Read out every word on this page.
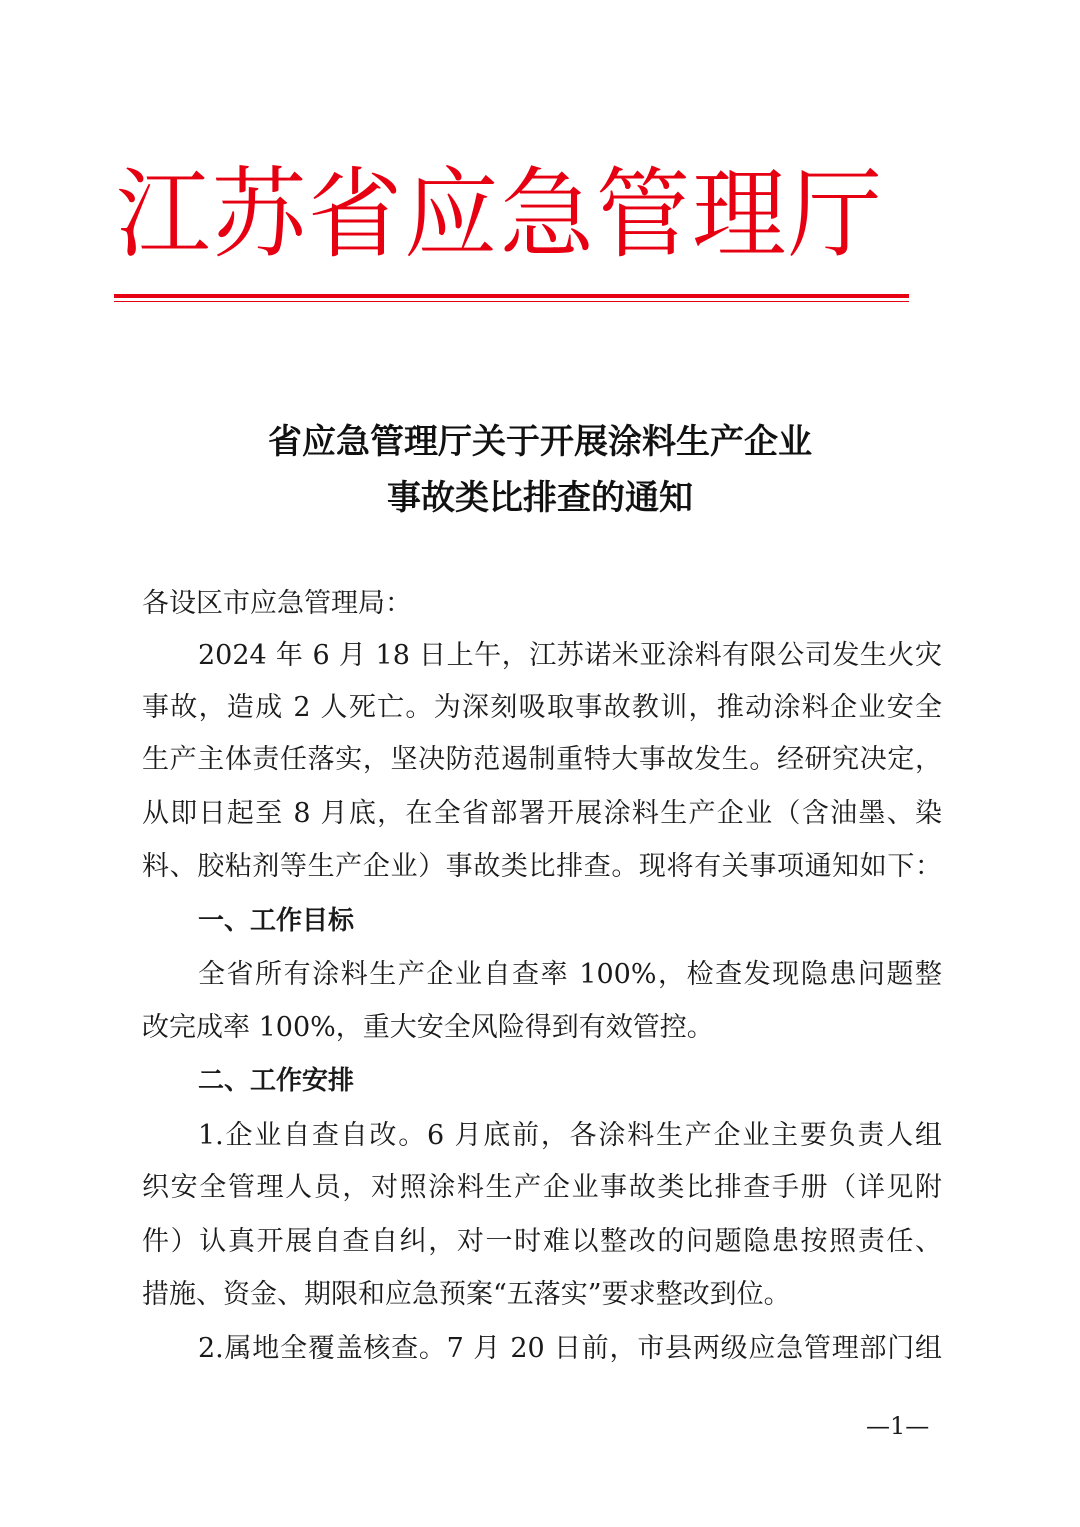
江苏省应急管理厅
省应急管理厅关于开展涂料生产企业
事故类比排查的通知
各设区市应急管理局：
2024 年 6 月 18 日上午，江苏诺米亚涂料有限公司发生火灾
事故，造成 2 人死亡。为深刻吸取事故教训，推动涂料企业安全
生产主体责任落实，坚决防范遏制重特大事故发生。经研究决定，
从即日起至 8 月底，在全省部署开展涂料生产企业（含油墨、染
料、胶粘剂等生产企业）事故类比排查。现将有关事项通知如下：
一、工作目标
全省所有涂料生产企业自查率 100%，检查发现隐患问题整
改完成率 100%，重大安全风险得到有效管控。
二、工作安排
1.企业自查自改。6 月底前，各涂料生产企业主要负责人组
织安全管理人员，对照涂料生产企业事故类比排查手册（详见附
件）认真开展自查自纠，对一时难以整改的问题隐患按照责任、
措施、资金、期限和应急预案“五落实”要求整改到位。
2.属地全覆盖核查。7 月 20 日前，市县两级应急管理部门组
—1—
